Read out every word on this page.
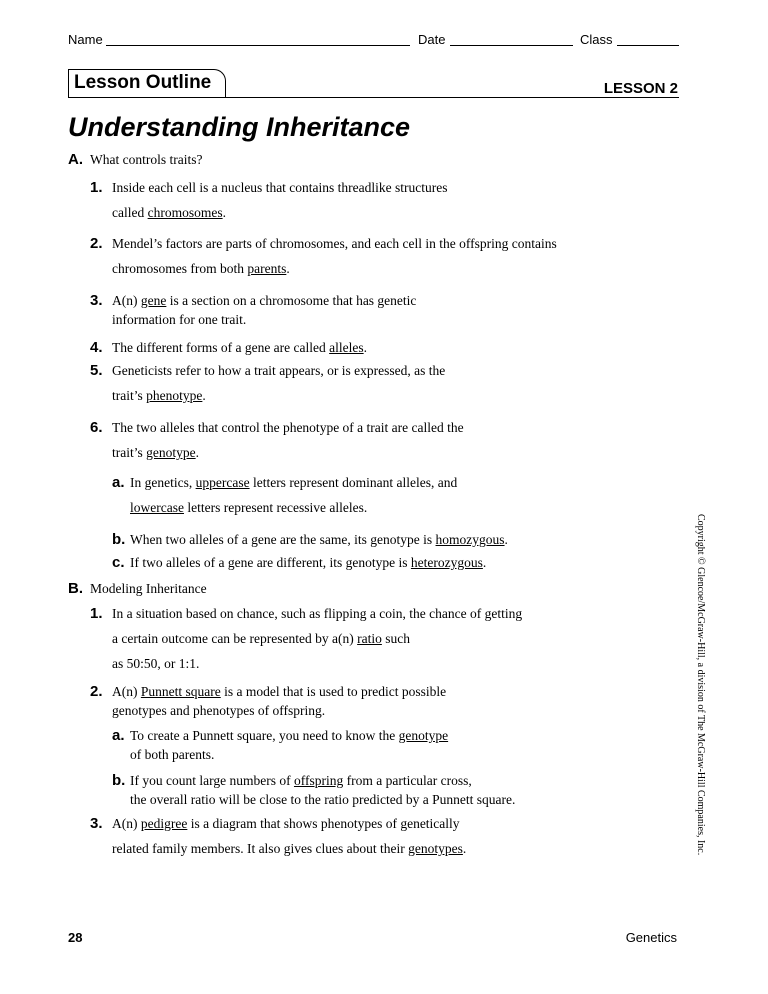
Name	Date	Class
Lesson Outline	LESSON 2
Understanding Inheritance
A. What controls traits?
1. Inside each cell is a nucleus that contains threadlike structures
called chromosomes.
2. Mendel’s factors are parts of chromosomes, and each cell in the offspring contains
chromosomes from both parents.
3. A(n) gene is a section on a chromosome that has genetic
information for one trait.
4. The different forms of a gene are called alleles.
5. Geneticists refer to how a trait appears, or is expressed, as the
trait’s phenotype.
6. The two alleles that control the phenotype of a trait are called the
trait’s genotype.
a. In genetics, uppercase letters represent dominant alleles, and
lowercase letters represent recessive alleles.
b. When two alleles of a gene are the same, its genotype is homozygous.
c. If two alleles of a gene are different, its genotype is heterozygous.
B. Modeling Inheritance
1. In a situation based on chance, such as flipping a coin, the chance of getting
a certain outcome can be represented by a(n) ratio such
as 50:50, or 1:1.
2. A(n) Punnett square is a model that is used to predict possible
genotypes and phenotypes of offspring.
a. To create a Punnett square, you need to know the genotype
of both parents.
b. If you count large numbers of offspring from a particular cross,
the overall ratio will be close to the ratio predicted by a Punnett square.
3. A(n) pedigree is a diagram that shows phenotypes of genetically
related family members. It also gives clues about their genotypes.	Copyright © Glencoe/McGraw-Hill, a division of The McGraw-Hill Companies, Inc.
28	Genetics
